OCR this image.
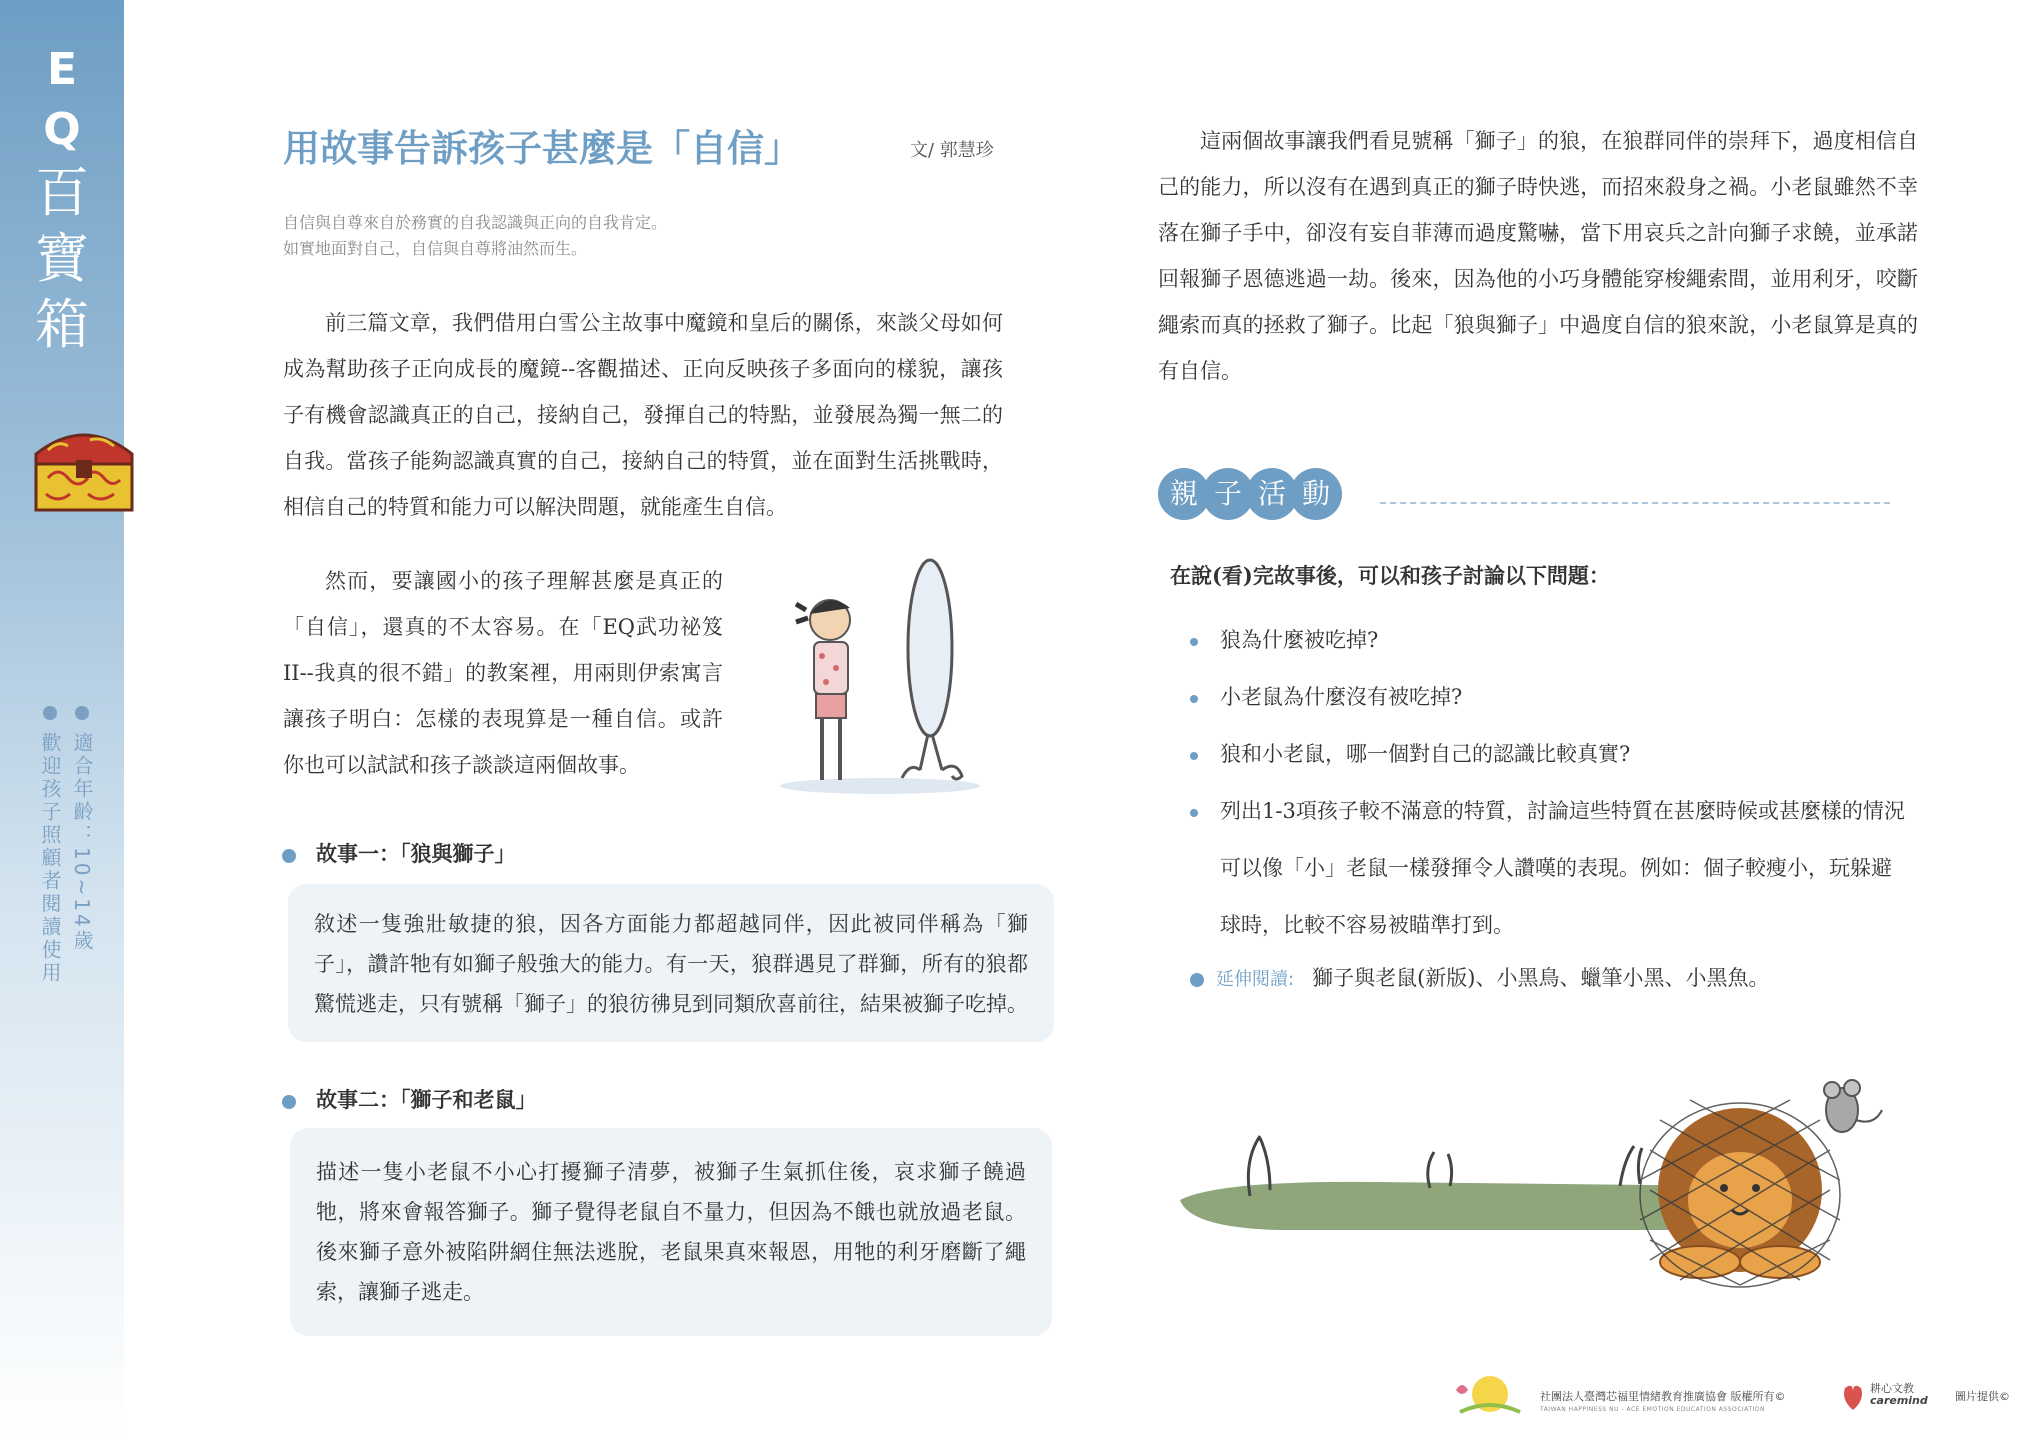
E
Q
百
寶
箱
適合年齡：10~14歲
歡迎孩子照顧者閱讀使用
用故事告訴孩子甚麼是「自信」	文/ 郭慧珍
自信與自尊來自於務實的自我認識與正向的自我肯定。
如實地面對自己，自信與自尊將油然而生。

前三篇文章，我們借用白雪公主故事中魔鏡和皇后的關係，來談父母如何成為幫助孩子正向成長的魔鏡--客觀描述、正向反映孩子多面向的樣貌，讓孩子有機會認識真正的自己，接納自己，發揮自己的特點，並發展為獨一無二的自我。當孩子能夠認識真實的自己，接納自己的特質，並在面對生活挑戰時，相信自己的特質和能力可以解決問題，就能產生自信。

然而，要讓國小的孩子理解甚麼是真正的「自信」，還真的不太容易。在「EQ武功祕笈II--我真的很不錯」的教案裡，用兩則伊索寓言讓孩子明白：怎樣的表現算是一種自信。或許你也可以試試和孩子談談這兩個故事。

故事一：「狼與獅子」
敘述一隻強壯敏捷的狼，因各方面能力都超越同伴，因此被同伴稱為「獅子」，讚許牠有如獅子般強大的能力。有一天，狼群遇見了群獅，所有的狼都驚慌逃走，只有號稱「獅子」的狼彷彿見到同類欣喜前往，結果被獅子吃掉。
故事二：「獅子和老鼠」
描述一隻小老鼠不小心打擾獅子清夢，被獅子生氣抓住後，哀求獅子饒過牠，將來會報答獅子。獅子覺得老鼠自不量力，但因為不餓也就放過老鼠。後來獅子意外被陷阱網住無法逃脫，老鼠果真來報恩，用牠的利牙磨斷了繩索，讓獅子逃走。

這兩個故事讓我們看見號稱「獅子」的狼，在狼群同伴的崇拜下，過度相信自己的能力，所以沒有在遇到真正的獅子時快逃，而招來殺身之禍。小老鼠雖然不幸落在獅子手中，卻沒有妄自菲薄而過度驚嚇，當下用哀兵之計向獅子求饒，並承諾回報獅子恩德逃過一劫。後來，因為他的小巧身體能穿梭繩索間，並用利牙，咬斷繩索而真的拯救了獅子。比起「狼與獅子」中過度自信的狼來說，小老鼠算是真的有自信。

親 子 活 動
在說(看)完故事後，可以和孩子討論以下問題：
狼為什麼被吃掉?
小老鼠為什麼沒有被吃掉?
狼和小老鼠，哪一個對自己的認識比較真實?
列出1-3項孩子較不滿意的特質，討論這些特質在甚麼時候或甚麼樣的情況可以像「小」老鼠一樣發揮令人讚嘆的表現。例如：個子較瘦小，玩躲避球時，比較不容易被瞄準打到。
延伸閱讀: 獅子與老鼠(新版)、小黑鳥、蠟筆小黑、小黑魚。
社團法人臺灣芯福里情緒教育推廣協會 版權所有©
TAIWAN HAPPINESS NU - ACE EMOTION EDUCATION ASSOCIATION
耕心文教
caremind 圖片提供©
